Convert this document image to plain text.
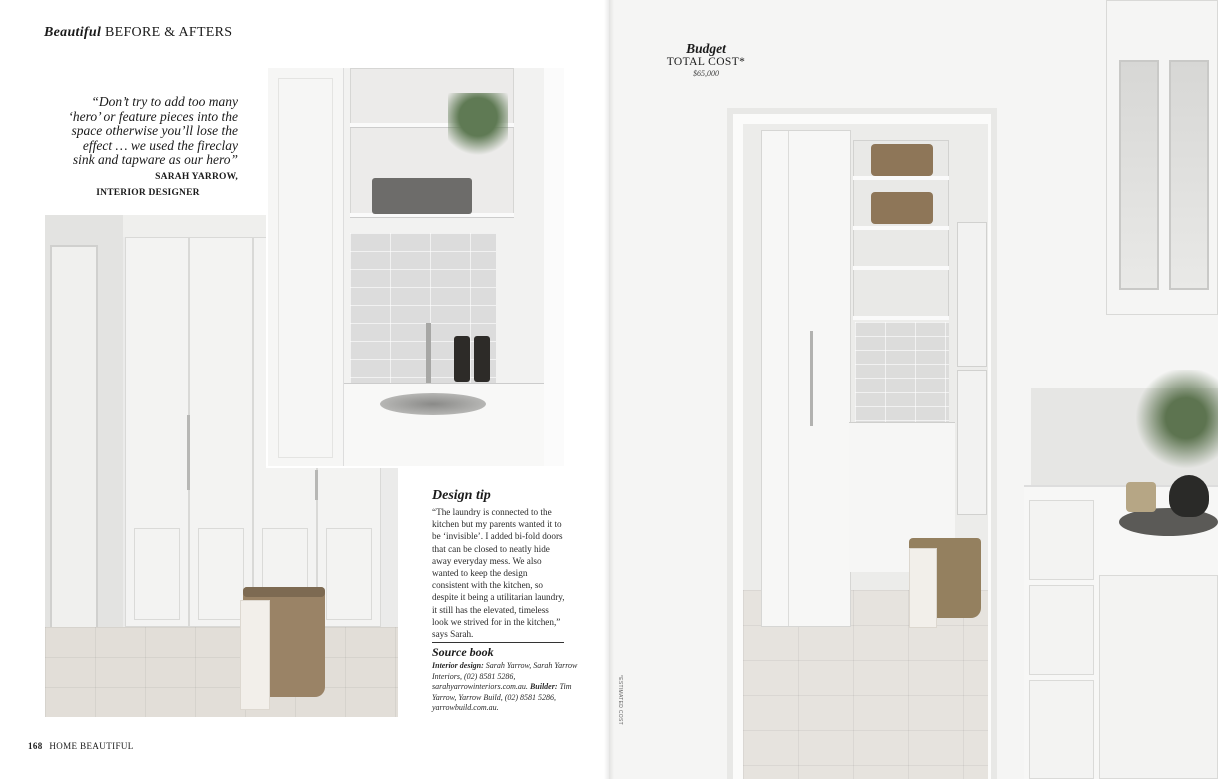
Beautiful BEFORE & AFTERS
“Don’t try to add too many ‘hero’ or feature pieces into the space otherwise you’ll lose the effect … we used the fireclay sink and tapware as our hero” SARAH YARROW,
INTERIOR DESIGNER
Design tip

“The laundry is connected to the kitchen but my parents wanted it to be ‘invisible’. I added bi-fold doors that can be closed to neatly hide away everyday mess. We also wanted to keep the design consistent with the kitchen, so despite it being a utilitarian laundry, it still has the elevated, timeless look we strived for in the kitchen,” says Sarah.

Source book

Interior design: Sarah Yarrow, Sarah Yarrow Interiors, (02) 8581 5286, sarahyarrowinteriors.com.au. Builder: Tim Yarrow, Yarrow Build, (02) 8581 5286, yarrowbuild.com.au.

168 HOME BEAUTIFUL
Budget
TOTAL COST*
$65,000
*ESTIMATED COST
